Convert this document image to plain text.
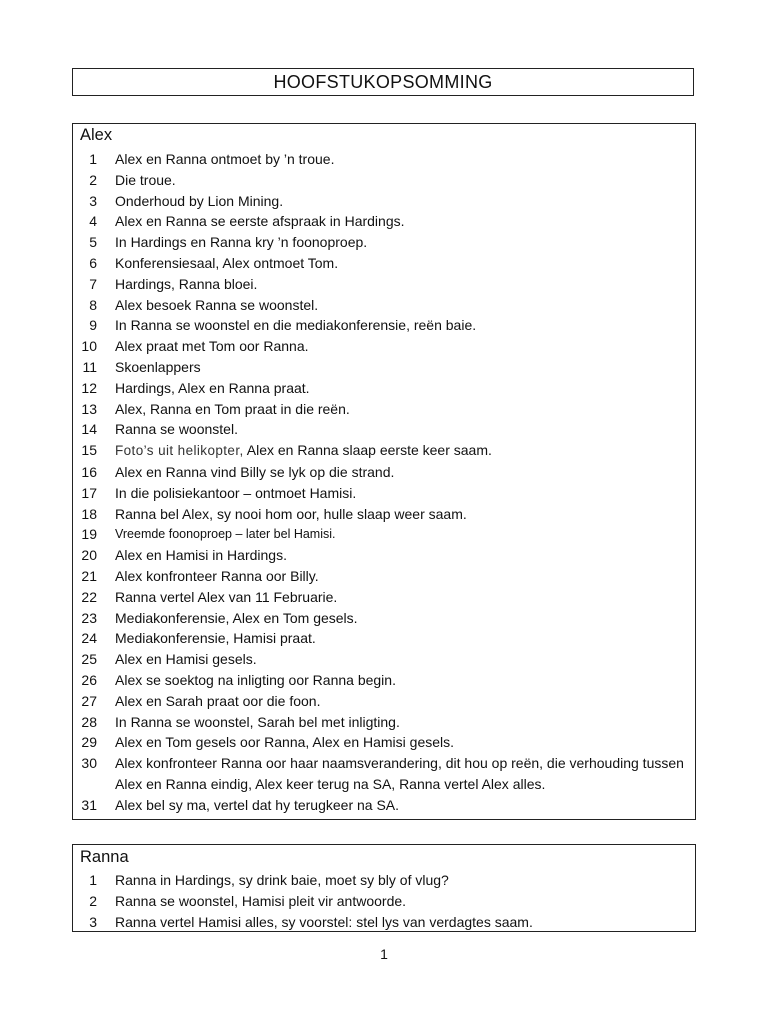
HOOFSTUKOPSOMMING
Alex
1 Alex en Ranna ontmoet by ’n troue.
2 Die troue.
3 Onderhoud by Lion Mining.
4 Alex en Ranna se eerste afspraak in Hardings.
5 In Hardings en Ranna kry ’n foonoproep.
6 Konferensiesaal, Alex ontmoet Tom.
7 Hardings, Ranna bloei.
8 Alex besoek Ranna se woonstel.
9 In Ranna se woonstel en die mediakonferensie, reën baie.
10 Alex praat met Tom oor Ranna.
11 Skoenlappers
12 Hardings, Alex en Ranna praat.
13 Alex, Ranna en Tom praat in die reën.
14 Ranna se woonstel.
15 Foto’s uit helikopter, Alex en Ranna slaap eerste keer saam.
16 Alex en Ranna vind Billy se lyk op die strand.
17 In die polisiekantoor – ontmoet Hamisi.
18 Ranna bel Alex, sy nooi hom oor, hulle slaap weer saam.
19 Vreemde foonoproep – later bel Hamisi.
20 Alex en Hamisi in Hardings.
21 Alex konfronteer Ranna oor Billy.
22 Ranna vertel Alex van 11 Februarie.
23 Mediakonferensie, Alex en Tom gesels.
24 Mediakonferensie, Hamisi praat.
25 Alex en Hamisi gesels.
26 Alex se soektog na inligting oor Ranna begin.
27 Alex en Sarah praat oor die foon.
28 In Ranna se woonstel, Sarah bel met inligting.
29 Alex en Tom gesels oor Ranna, Alex en Hamisi gesels.
30 Alex konfronteer Ranna oor haar naamsverandering, dit hou op reën, die verhouding tussen Alex en Ranna eindig, Alex keer terug na SA, Ranna vertel Alex alles.
31 Alex bel sy ma, vertel dat hy terugkeer na SA.
Ranna
1 Ranna in Hardings, sy drink baie, moet sy bly of vlug?
2 Ranna se woonstel, Hamisi pleit vir antwoorde.
3 Ranna vertel Hamisi alles, sy voorstel: stel lys van verdagtes saam.
1
